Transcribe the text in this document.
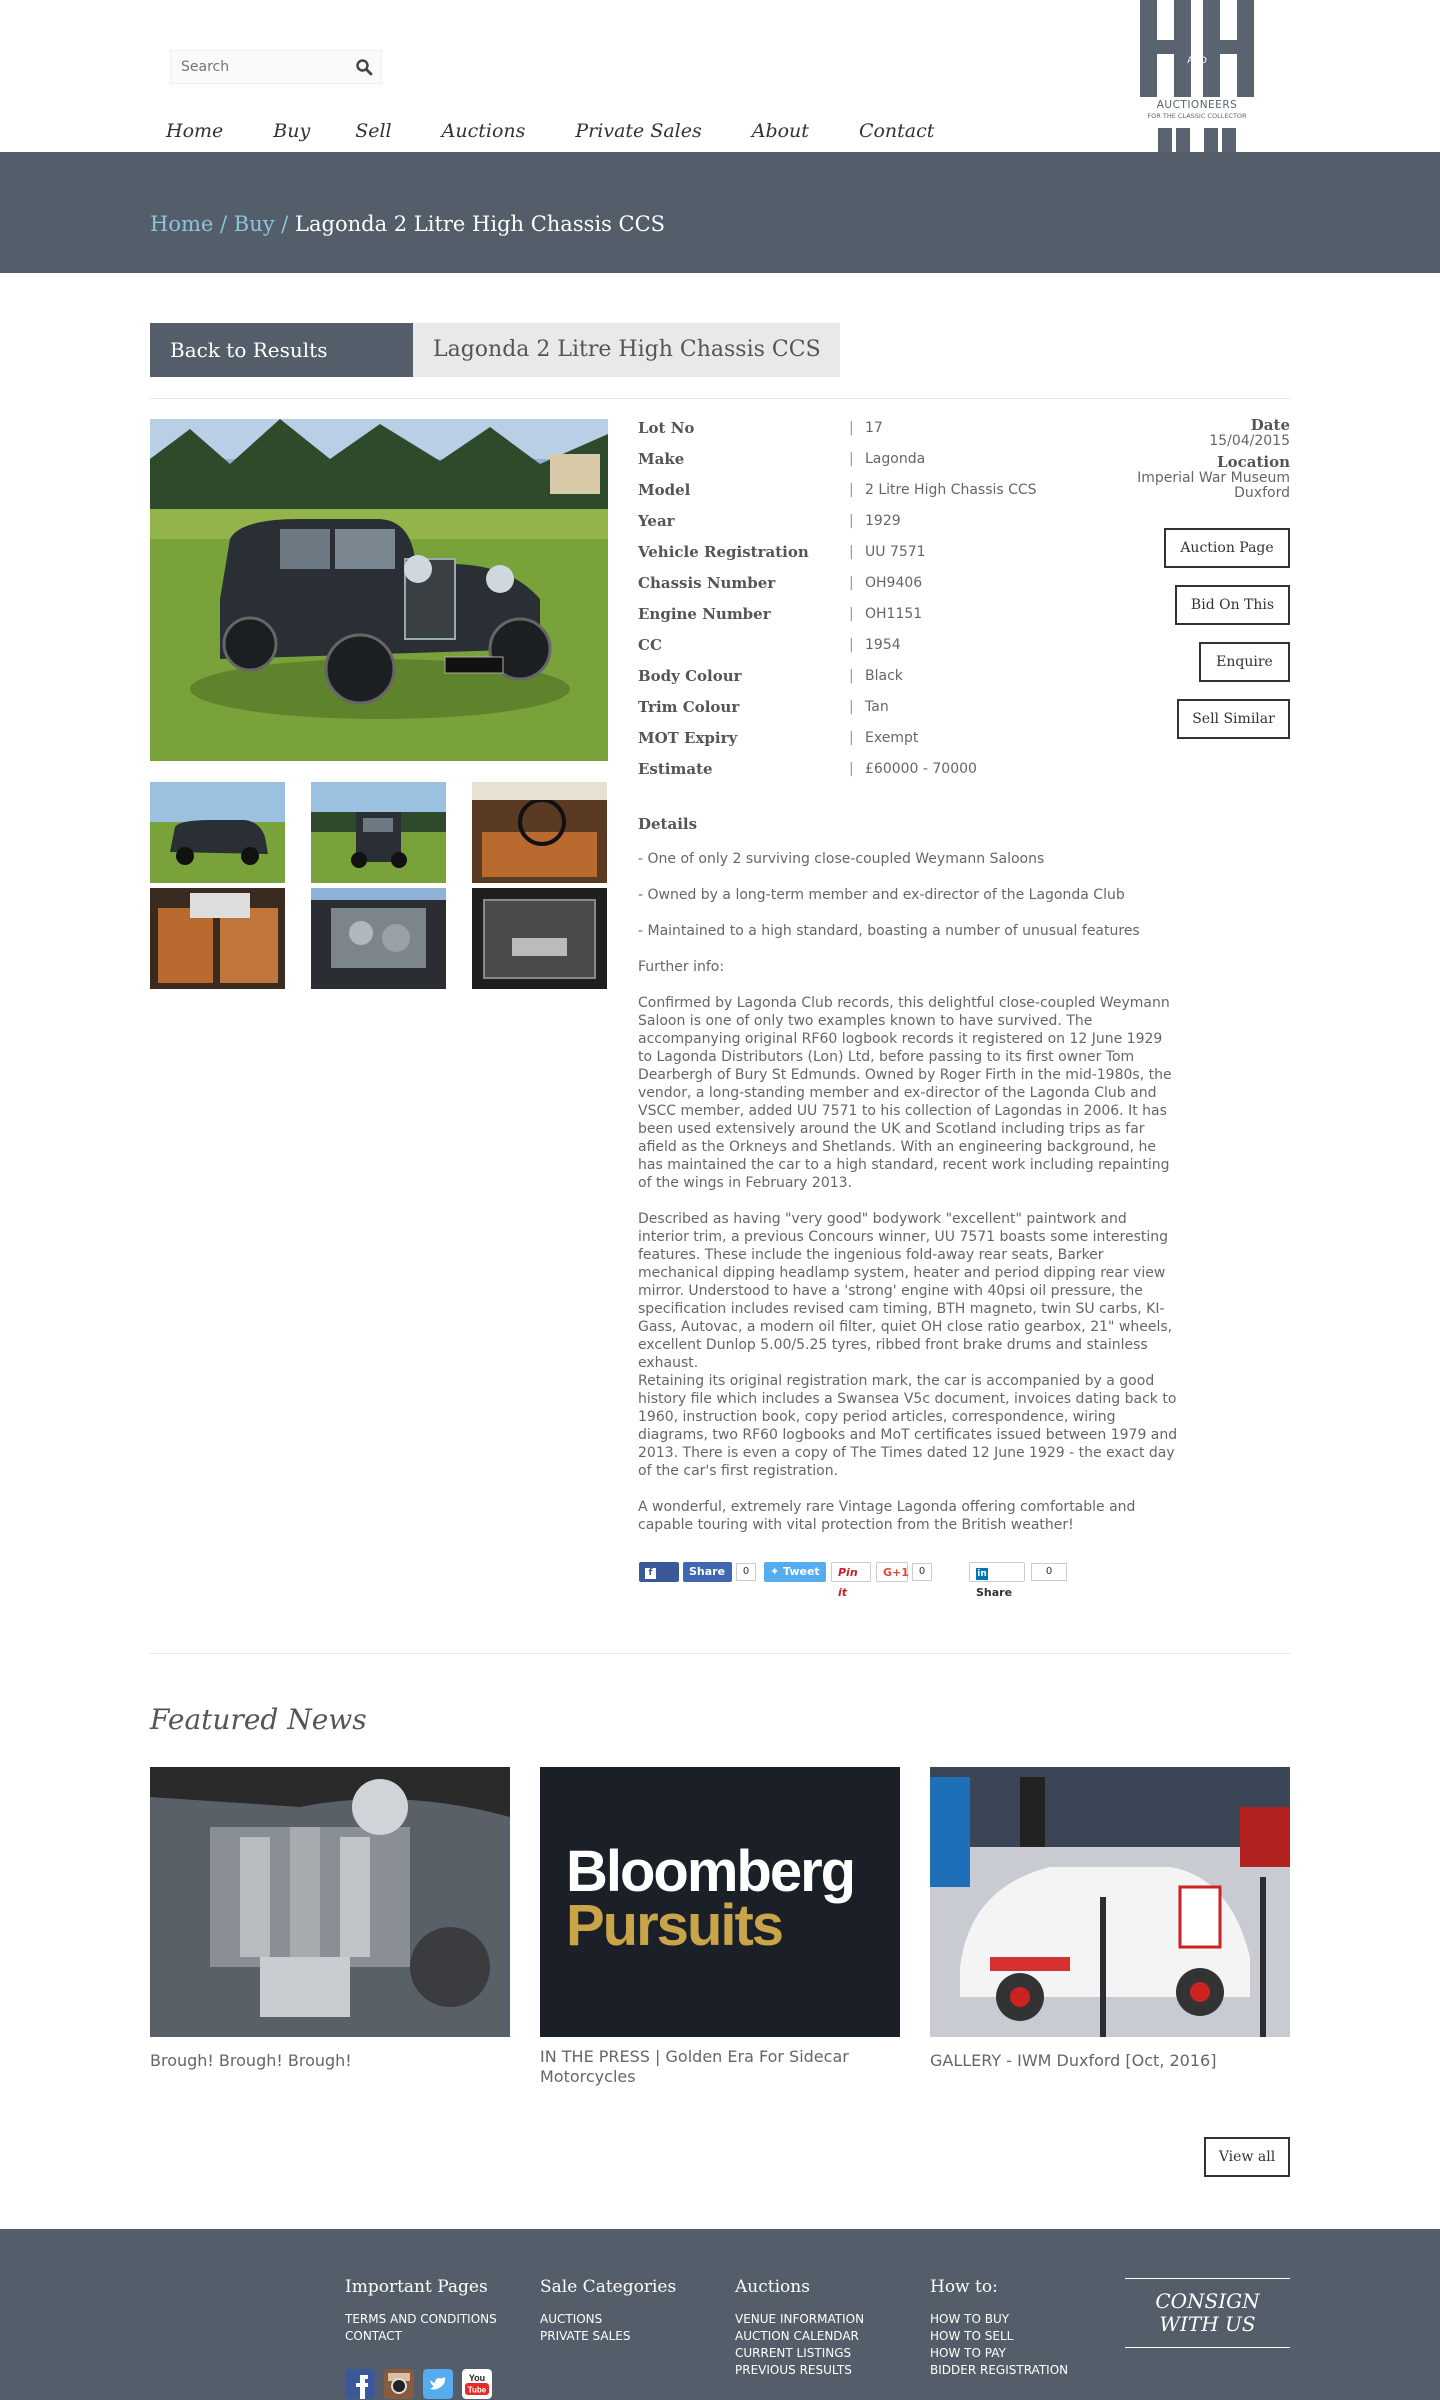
Search
Home	Buy Sell	Auctions	Private Sales	About	Contact
AND
AUCTIONEERS
FOR THE CLASSIC COLLECTOR
Home / Buy / Lagonda 2 Litre High Chassis CCS
Back to Results	Lagonda 2 Litre High Chassis CCS
Lot No	| 17
Make	| Lagonda
Model	| 2 Litre High Chassis CCS
Year	| 1929
Vehicle Registration	| UU 7571
Chassis Number	| OH9406
Engine Number	| OH1151
CC	| 1954
Body Colour	| Black
Trim Colour	| Tan
MOT Expiry	| Exempt
Estimate	| £60000 - 70000
Date
15/04/2015
Location
Imperial War Museum
Duxford
Auction Page
Bid On This
Enquire
Sell Similar
Details

- One of only 2 surviving close-coupled Weymann Saloons

- Owned by a long-term member and ex-director of the Lagonda Club

- Maintained to a high standard, boasting a number of unusual features

Further info:

Confirmed by Lagonda Club records, this delightful close-coupled Weymann Saloon is one of only two examples known to have survived. The accompanying original RF60 logbook records it registered on 12 June 1929 to Lagonda Distributors (Lon) Ltd, before passing to its first owner Tom Dearbergh of Bury St Edmunds. Owned by Roger Firth in the mid-1980s, the vendor, a long-standing member and ex-director of the Lagonda Club and VSCC member, added UU 7571 to his collection of Lagondas in 2006. It has been used extensively around the UK and Scotland including trips as far afield as the Orkneys and Shetlands. With an engineering background, he has maintained the car to a high standard, recent work including repainting of the wings in February 2013.

Described as having "very good" bodywork "excellent" paintwork and interior trim, a previous Concours winner, UU 7571 boasts some interesting features. These include the ingenious fold-away rear seats, Barker mechanical dipping headlamp system, heater and period dipping rear view mirror. Understood to have a 'strong' engine with 40psi oil pressure, the specification includes revised cam timing, BTH magneto, twin SU carbs, KI-Gass, Autovac, a modern oil filter, quiet OH close ratio gearbox, 21" wheels, excellent Dunlop 5.00/5.25 tyres, ribbed front brake drums and stainless exhaust.

Retaining its original registration mark, the car is accompanied by a good history file which includes a Swansea V5c document, invoices dating back to 1960, instruction book, copy period articles, correspondence, wiring diagrams, two RF60 logbooks and MoT certificates issued between 1979 and 2013. There is even a copy of The Times dated 12 June 1929 - the exact day of the car's first registration.

A wonderful, extremely rare Vintage Lagonda offering comfortable and capable touring with vital protection from the British weather!

fLike
Share	0	✦ Tweet	Pin it
G+1 0	inShare
0
Featured News
Brough! Brough! Brough!
Bloomberg
Pursuits
IN THE PRESS | Golden Era For Sidecar Motorcycles
GALLERY - IWM Duxford [Oct, 2016]
View all
Important Pages
TERMS AND CONDITIONS
CONTACT
Sale Categories
AUCTIONS
PRIVATE SALES
Auctions
VENUE INFORMATION
AUCTION CALENDAR
CURRENT LISTINGS
PREVIOUS RESULTS
How to:
HOW TO BUY
HOW TO SELL
HOW TO PAY
BIDDER REGISTRATION
CONSIGN
WITH US
You
Tube
